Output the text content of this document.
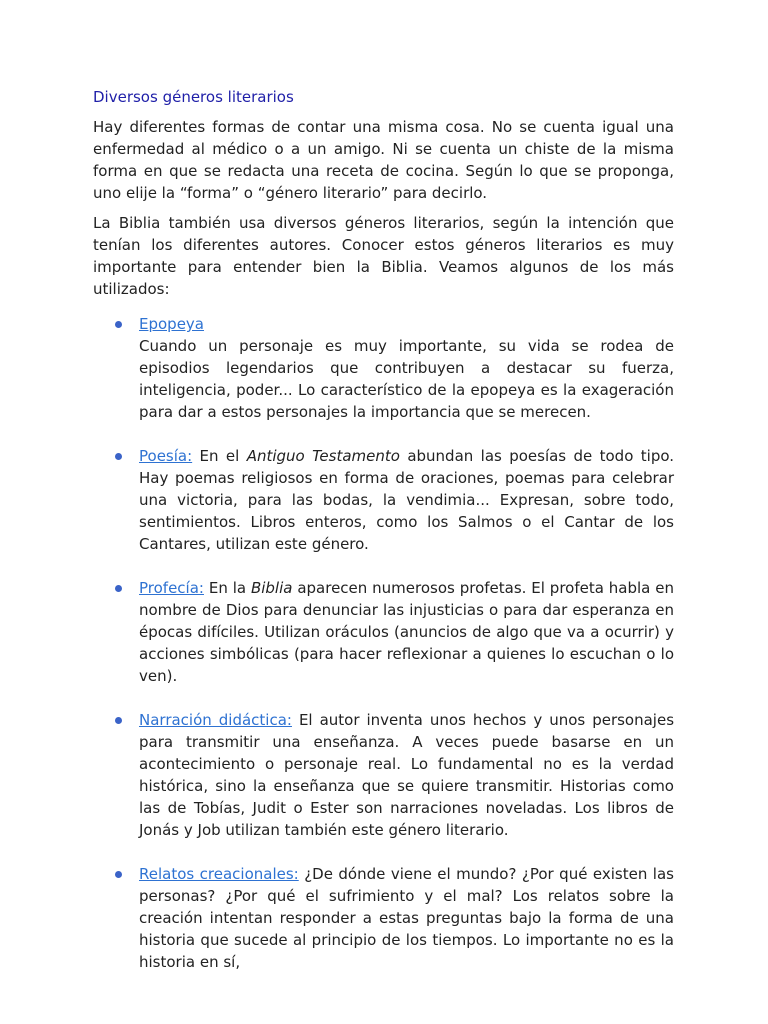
Diversos géneros literarios

Hay diferentes formas de contar una misma cosa. No se cuenta igual una enfermedad al médico o a un amigo. Ni se cuenta un chiste de la misma forma en que se redacta una receta de cocina. Según lo que se proponga, uno elije la “forma” o “género literario” para decirlo.

La Biblia también usa diversos géneros literarios, según la intención que tenían los diferentes autores. Conocer estos géneros literarios es muy importante para entender bien la Biblia. Veamos algunos de los más utilizados:

Epopeya
Cuando un personaje es muy importante, su vida se rodea de episodios legendarios que contribuyen a destacar su fuerza, inteligencia, poder... Lo característico de la epopeya es la exageración para dar a estos personajes la importancia que se merecen.
Poesía: En el Antiguo Testamento abundan las poesías de todo tipo. Hay poemas religiosos en forma de oraciones, poemas para celebrar una victoria, para las bodas, la vendimia... Expresan, sobre todo, sentimientos. Libros enteros, como los Salmos o el Cantar de los Cantares, utilizan este género.
Profecía: En la Biblia aparecen numerosos profetas. El profeta habla en nombre de Dios para denunciar las injusticias o para dar esperanza en épocas difíciles. Utilizan oráculos (anuncios de algo que va a ocurrir) y acciones simbólicas (para hacer reflexionar a quienes lo escuchan o lo ven).
Narración didáctica: El autor inventa unos hechos y unos personajes para transmitir una enseñanza. A veces puede basarse en un acontecimiento o personaje real. Lo fundamental no es la verdad histórica, sino la enseñanza que se quiere transmitir. Historias como las de Tobías, Judit o Ester son narraciones noveladas. Los libros de Jonás y Job utilizan también este género literario.
Relatos creacionales: ¿De dónde viene el mundo? ¿Por qué existen las personas? ¿Por qué el sufrimiento y el mal? Los relatos sobre la creación intentan responder a estas preguntas bajo la forma de una historia que sucede al principio de los tiempos. Lo importante no es la historia en sí,
